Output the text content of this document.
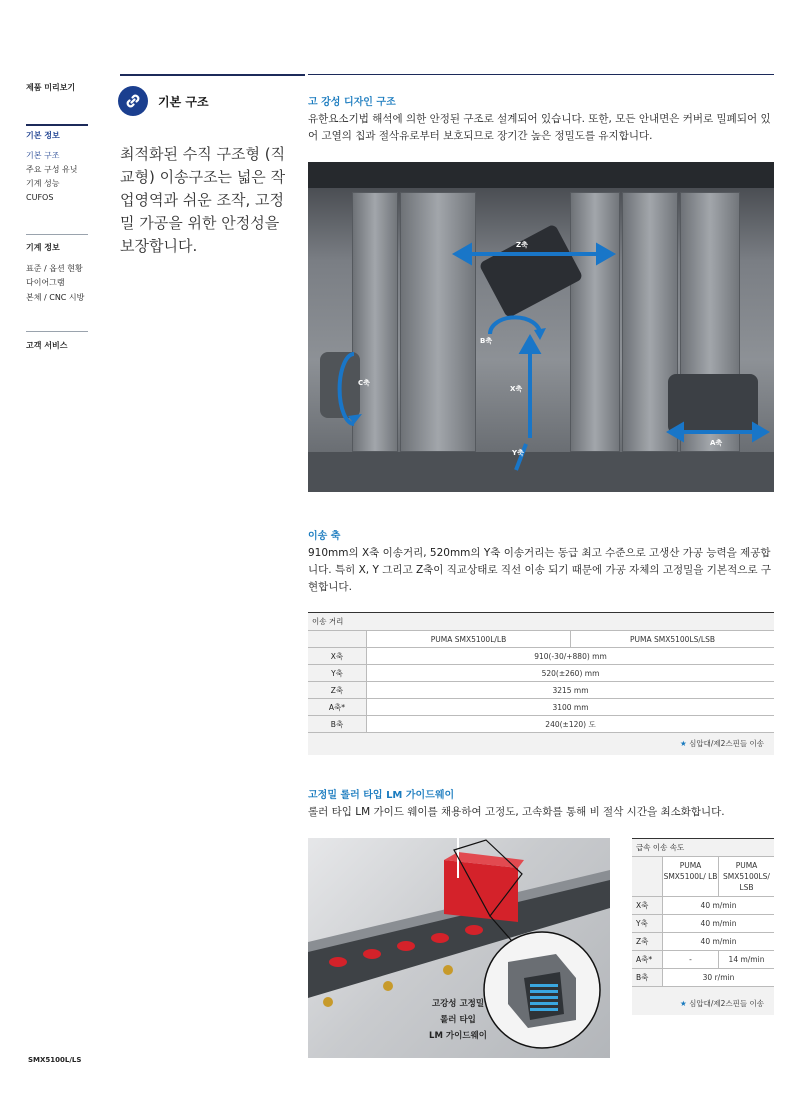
제품 미리보기
기본 정보
기본 구조
주요 구성 유닛
기계 성능
CUFOS
기계 정보
표준 / 옵션 현황
다이어그램
본체 / CNC 시방
고객 서비스
기본 구조
최적화된 수직 구조형 (직교형) 이송구조는 넓은 작업영역과 쉬운 조작, 고정밀 가공을 위한 안정성을 보장합니다.
고 강성 디자인 구조
유한요소기법 해석에 의한 안정된 구조로 설계되어 있습니다. 또한, 모든 안내면은 커버로 밀폐되어 있어 고열의 칩과 절삭유로부터 보호되므로 장기간 높은 정밀도를 유지합니다.
Z축
B축
X축
C축
Y축
A축
이송 축
910mm의 X축 이송거리, 520mm의 Y축 이송거리는 동급 최고 수준으로 고생산 가공 능력을 제공합니다. 특히 X, Y 그리고 Z축이 직교상태로 직선 이송 되기 때문에 가공 자체의 고정밀을 기본적으로 구현합니다.
이송 거리
PUMA SMX5100L/LB	PUMA SMX5100LS/LSB
X축	910(-30/+880) mm
Y축	520(±260) mm
Z축	3215 mm
A축*	3100 mm
B축	240(±120) 도
★ 심압대/제2스핀들 이송
고정밀 롤러 타입 LM 가이드웨이
롤러 타입 LM 가이드 웨이를 채용하여 고정도, 고속화를 통해 비 절삭 시간을 최소화합니다.
고강성 고정밀
롤러 타입
LM 가이드웨이
급속 이송 속도
PUMA SMX5100L/ LB
PUMA SMX5100LS/ LSB
X축	40 m/min
Y축	40 m/min
Z축	40 m/min
A축*	-	14 m/min
B축	30 r/min
★ 심압대/제2스핀들 이송
SMX5100L/LS
